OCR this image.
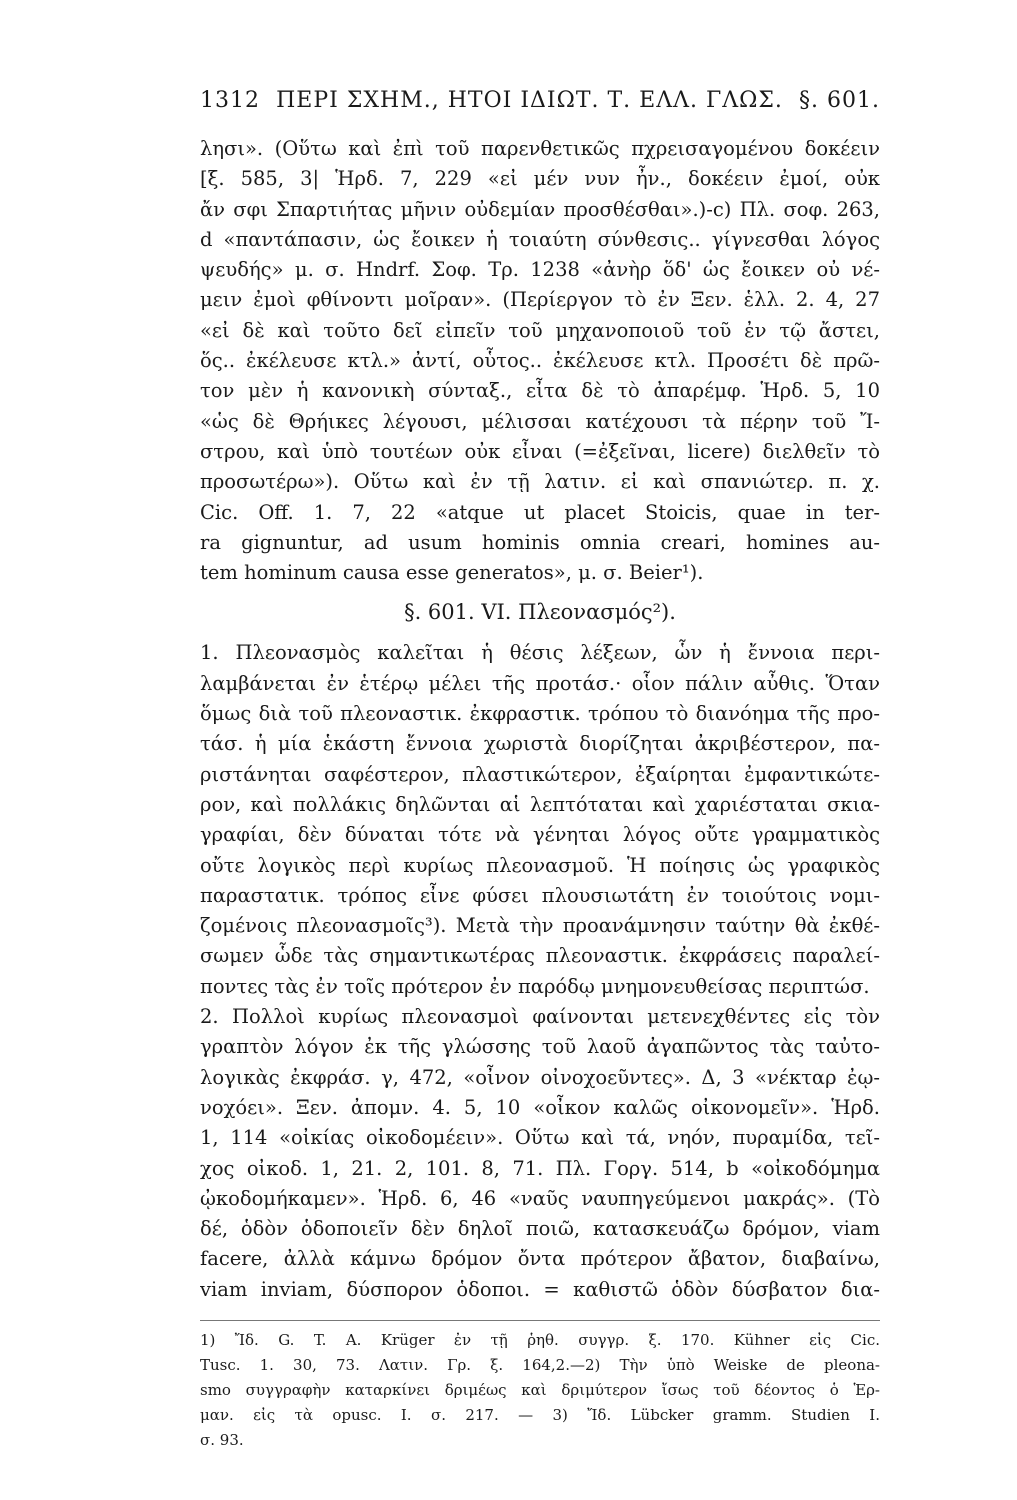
1312 ΠΕΡΙ ΣΧΗΜ., ΗΤΟΙ ΙΔΙΩΤ. Τ. ΕΛΛ. ΓΛΩΣ. §. 601.
λησι». (Οὕτω καὶ ἐπὶ τοῦ παρενθετικῶς πχρεισαγομένου δοκέειν
[ξ. 585, 3| Ἡρδ. 7, 229 «εἰ μέν νυν ἦν., δοκέειν ἐμοί, οὐκ
ἄν σφι Σπαρτιήτας μῆνιν οὐδεμίαν προσθέσθαι».)-c) Πλ. σοφ. 263,
d «παντάπασιν, ὡς ἔοικεν ἡ τοιαύτη σύνθεσις.. γίγνεσθαι λόγος
ψευδής» μ. σ. Hndrf. Σοφ. Τρ. 1238 «ἀνὴρ ὅδ' ὡς ἔοικεν οὐ νέ-
μειν ἐμοὶ φθίνοντι μοῖραν». (Περίεργον τὸ ἐν Ξεν. ἑλλ. 2. 4, 27
«εἰ δὲ καὶ τοῦτο δεῖ εἰπεῖν τοῦ μηχανοποιοῦ τοῦ ἐν τῷ ἄστει,
ὅς.. ἐκέλευσε κτλ.» ἀντί, οὗτος.. ἐκέλευσε κτλ. Προσέτι δὲ πρῶ-
τον μὲν ἡ κανονικὴ σύνταξ., εἶτα δὲ τὸ ἀπαρέμφ. Ἡρδ. 5, 10
«ὡς δὲ Θρήικες λέγουσι, μέλισσαι κατέχουσι τὰ πέρην τοῦ Ἴ-
στρου, καὶ ὑπὸ τουτέων οὐκ εἶναι (=ἐξεῖναι, licere) διελθεῖν τὸ
προσωτέρω»). Οὕτω καὶ ἐν τῇ λατιν. εἰ καὶ σπανιώτερ. π. χ.
Cic. Off. 1. 7, 22 «atque ut placet Stoicis, quae in ter-
ra gignuntur, ad usum hominis omnia creari, homines au-
tem hominum causa esse generatos», μ. σ. Beier¹).
§. 601. VI. Πλεονασμός²).
1. Πλεονασμὸς καλεῖται ἡ θέσις λέξεων, ὧν ἡ ἔννοια περι-
λαμβάνεται ἐν ἑτέρῳ μέλει τῆς προτάσ.· οἷον πάλιν αὖθις. Ὅταν
ὅμως διὰ τοῦ πλεοναστικ. ἐκφραστικ. τρόπου τὸ διανόημα τῆς προ-
τάσ. ἡ μία ἑκάστη ἔννοια χωριστὰ διορίζηται ἀκριβέστερον, πα-
ριστάνηται σαφέστερον, πλαστικώτερον, ἐξαίρηται ἐμφαντικώτε-
ρον, καὶ πολλάκις δηλῶνται αἱ λεπτόταται καὶ χαριέσταται σκια-
γραφίαι, δὲν δύναται τότε νὰ γένηται λόγος οὔτε γραμματικὸς
οὔτε λογικὸς περὶ κυρίως πλεονασμοῦ. Ἡ ποίησις ὡς γραφικὸς
παραστατικ. τρόπος εἶνε φύσει πλουσιωτάτη ἐν τοιούτοις νομι-
ζομένοις πλεονασμοῖς³). Μετὰ τὴν προανάμνησιν ταύτην θὰ ἐκθέ-
σωμεν ὧδε τὰς σημαντικωτέρας πλεοναστικ. ἐκφράσεις παραλεί-
ποντες τὰς ἐν τοῖς πρότερον ἐν παρόδῳ μνημονευθείσας περιπτώσ.
2. Πολλοὶ κυρίως πλεονασμοὶ φαίνονται μετενεχθέντες εἰς τὸν
γραπτὸν λόγον ἐκ τῆς γλώσσης τοῦ λαοῦ ἀγαπῶντος τὰς ταὐτο-
λογικὰς ἐκφράσ. γ, 472, «οἶνον οἰνοχοεῦντες». Δ, 3 «νέκταρ ἐῳ-
νοχόει». Ξεν. ἀπομν. 4. 5, 10 «οἶκον καλῶς οἰκονομεῖν». Ἡρδ.
1, 114 «οἰκίας οἰκοδομέειν». Οὕτω καὶ τά, νηόν, πυραμίδα, τεῖ-
χος οἰκοδ. 1, 21. 2, 101. 8, 71. Πλ. Γοργ. 514, b «οἰκοδόμημα
ᾠκοδομήκαμεν». Ἡρδ. 6, 46 «ναῦς ναυπηγεύμενοι μακράς». (Τὸ
δέ, ὁδὸν ὁδοποιεῖν δὲν δηλοῖ ποιῶ, κατασκευάζω δρόμον, viam
facere, ἀλλὰ κάμνω δρόμον ὄντα πρότερον ἄβατον, διαβαίνω,
viam inviam, δύσπορον ὁδοποι. = καθιστῶ ὁδὸν δύσβατον δια-
1) Ἴδ. G. T. A. Krüger ἐν τῇ ῥηθ. συγγρ. ξ. 170. Kühner εἰς Cic.
Tusc. 1. 30, 73. Λατιν. Γρ. ξ. 164,2.—2) Τὴν ὑπὸ Weiske de pleona-
smo συγγραφὴν καταρκίνει δριμέως καὶ δριμύτερον ἴσως τοῦ δέοντος ὁ Ἑρ-
μαν. εἰς τὰ opusc. I. σ. 217. — 3) Ἴδ. Lübcker gramm. Studien I.
σ. 93.
